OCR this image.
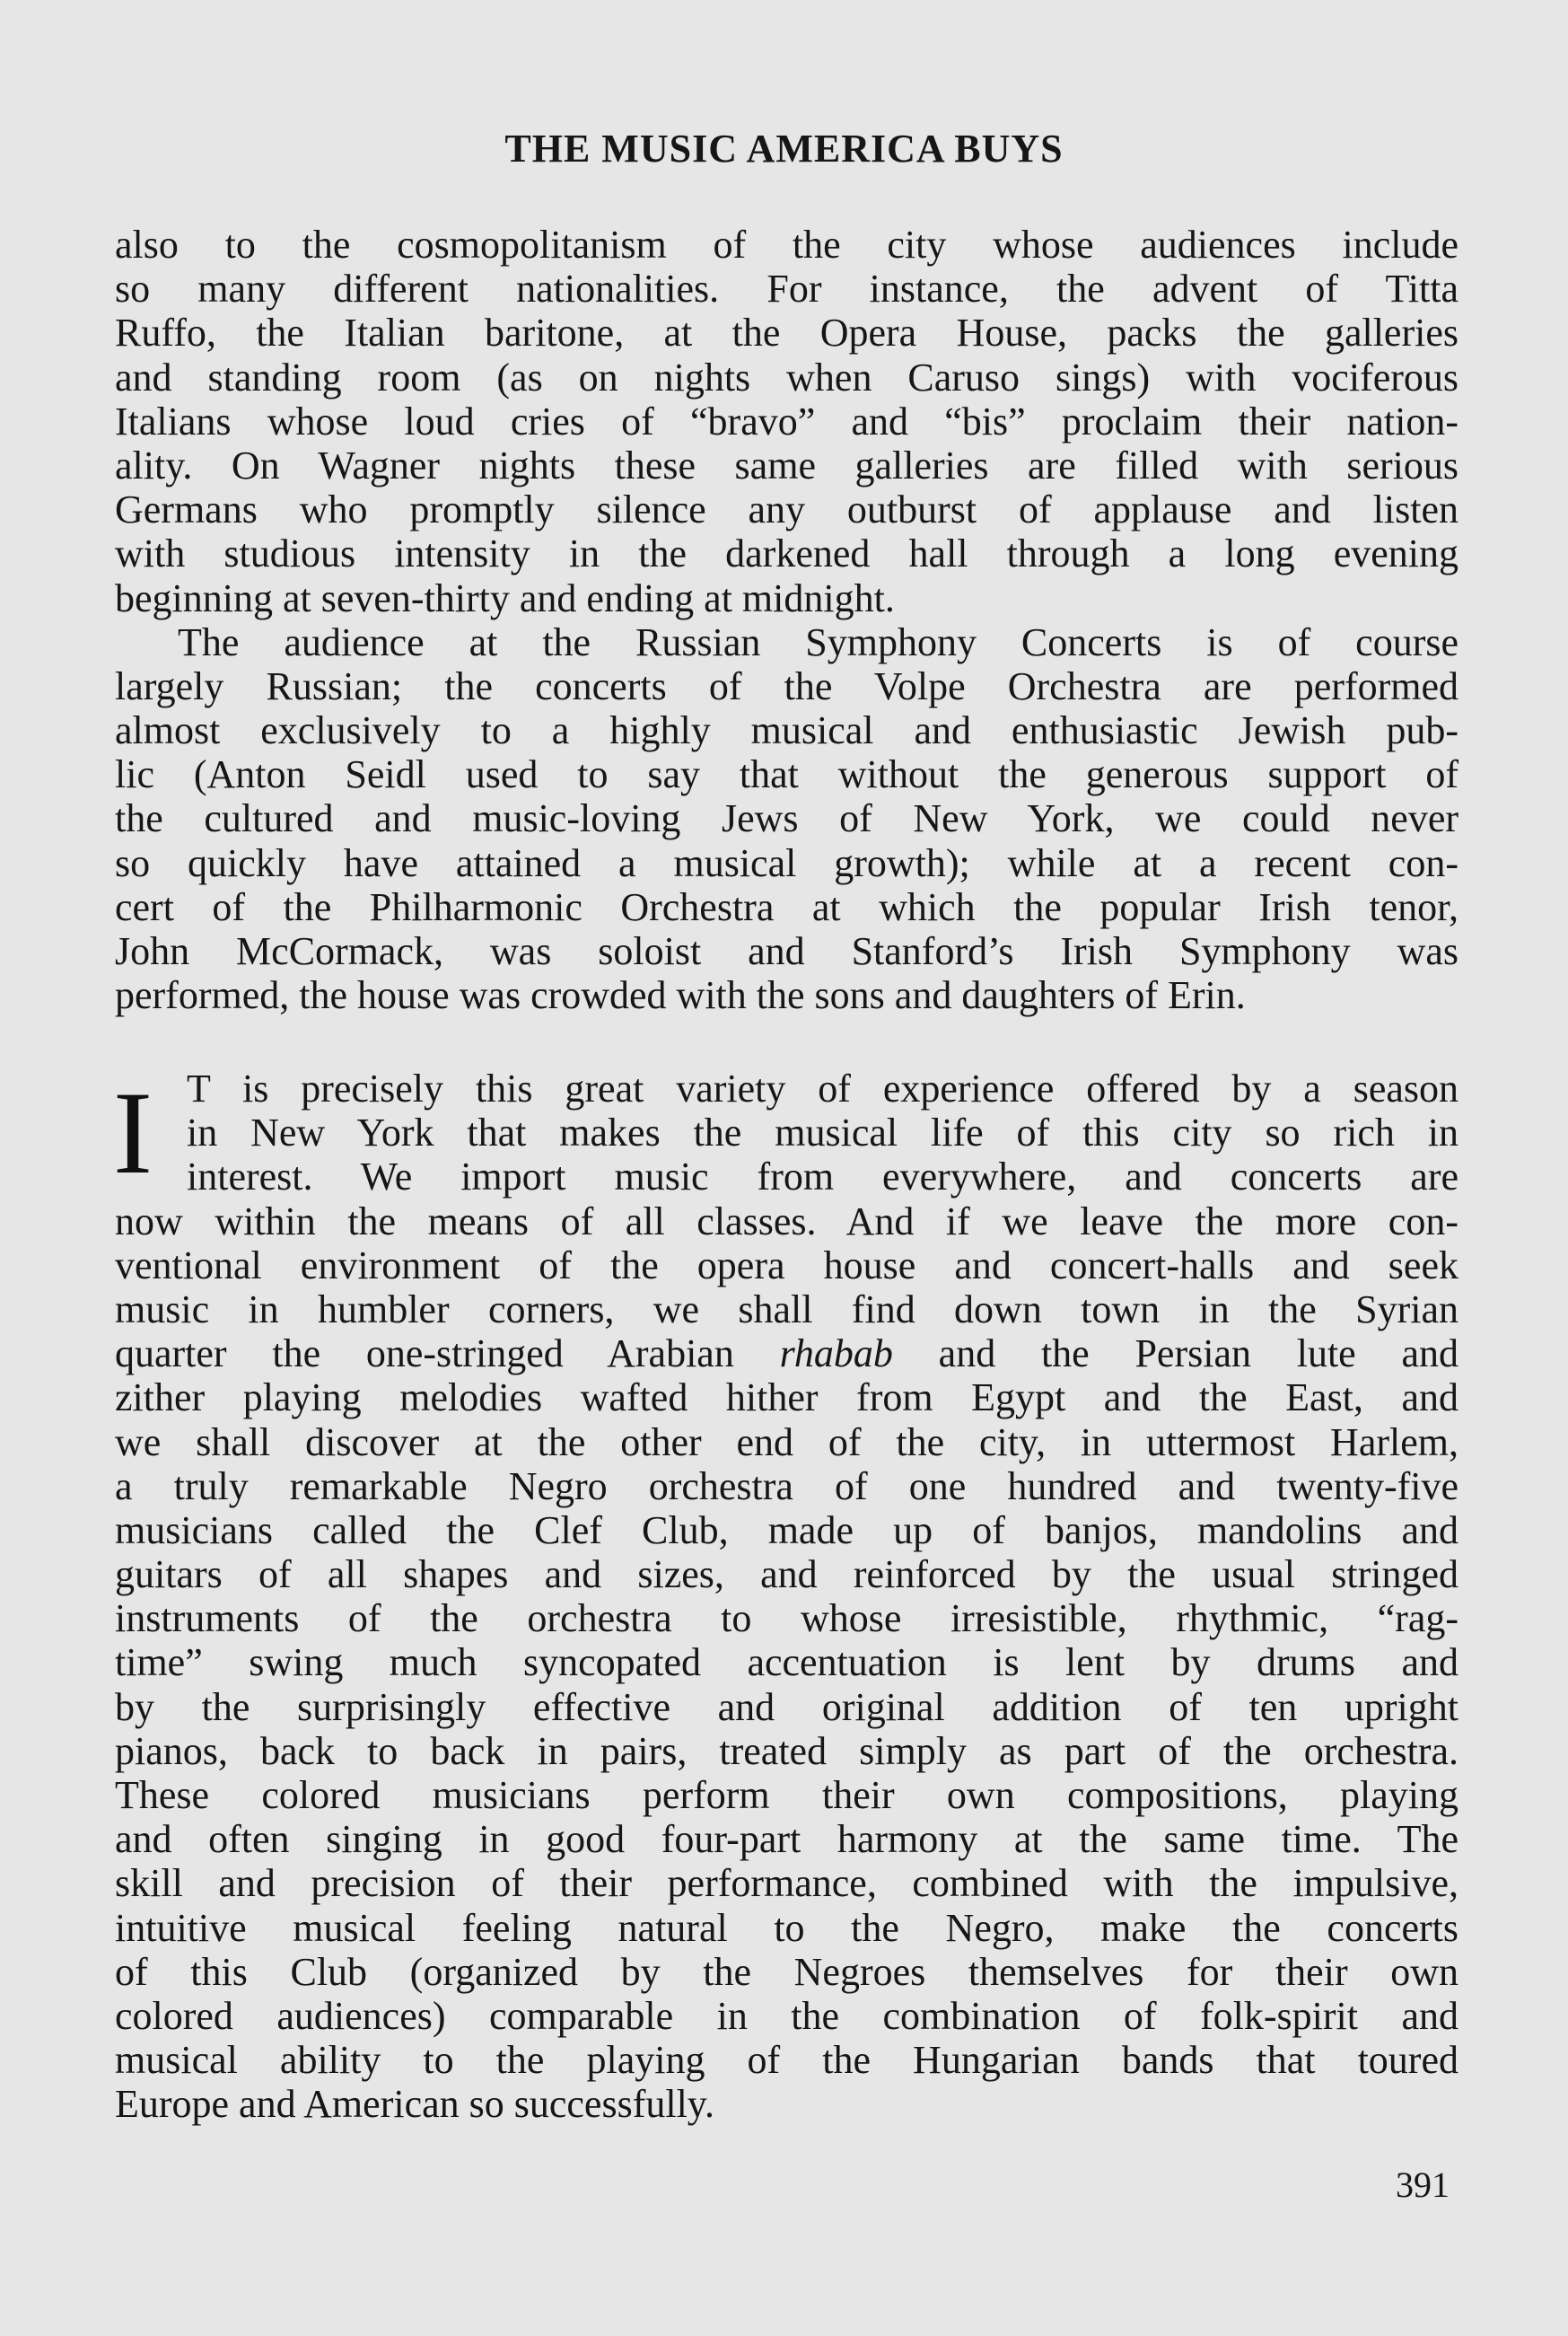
THE MUSIC AMERICA BUYS
also to the cosmopolitanism of the city whose audiences include
so many different nationalities. For instance, the advent of Titta
Ruffo, the Italian baritone, at the Opera House, packs the galleries
and standing room (as on nights when Caruso sings) with vociferous
Italians whose loud cries of “bravo” and “bis” proclaim their nation-
ality. On Wagner nights these same galleries are filled with serious
Germans who promptly silence any outburst of applause and listen
with studious intensity in the darkened hall through a long evening
beginning at seven-thirty and ending at midnight.
The audience at the Russian Symphony Concerts is of course
largely Russian; the concerts of the Volpe Orchestra are performed
almost exclusively to a highly musical and enthusiastic Jewish pub-
lic (Anton Seidl used to say that without the generous support of
the cultured and music-loving Jews of New York, we could never
so quickly have attained a musical growth); while at a recent con-
cert of the Philharmonic Orchestra at which the popular Irish tenor,
John McCormack, was soloist and Stanford’s Irish Symphony was
performed, the house was crowded with the sons and daughters of Erin.
I T is precisely this great variety of experience offered by a season
in New York that makes the musical life of this city so rich in
interest. We import music from everywhere, and concerts are
now within the means of all classes. And if we leave the more con-
ventional environment of the opera house and concert-halls and seek
music in humbler corners, we shall find down town in the Syrian
quarter the one-stringed Arabian rhabab and the Persian lute and
zither playing melodies wafted hither from Egypt and the East, and
we shall discover at the other end of the city, in uttermost Harlem,
a truly remarkable Negro orchestra of one hundred and twenty-five
musicians called the Clef Club, made up of banjos, mandolins and
guitars of all shapes and sizes, and reinforced by the usual stringed
instruments of the orchestra to whose irresistible, rhythmic, “rag-
time” swing much syncopated accentuation is lent by drums and
by the surprisingly effective and original addition of ten upright
pianos, back to back in pairs, treated simply as part of the orchestra.
These colored musicians perform their own compositions, playing
and often singing in good four-part harmony at the same time. The
skill and precision of their performance, combined with the impulsive,
intuitive musical feeling natural to the Negro, make the concerts
of this Club (organized by the Negroes themselves for their own
colored audiences) comparable in the combination of folk-spirit and
musical ability to the playing of the Hungarian bands that toured
Europe and American so successfully.
391
